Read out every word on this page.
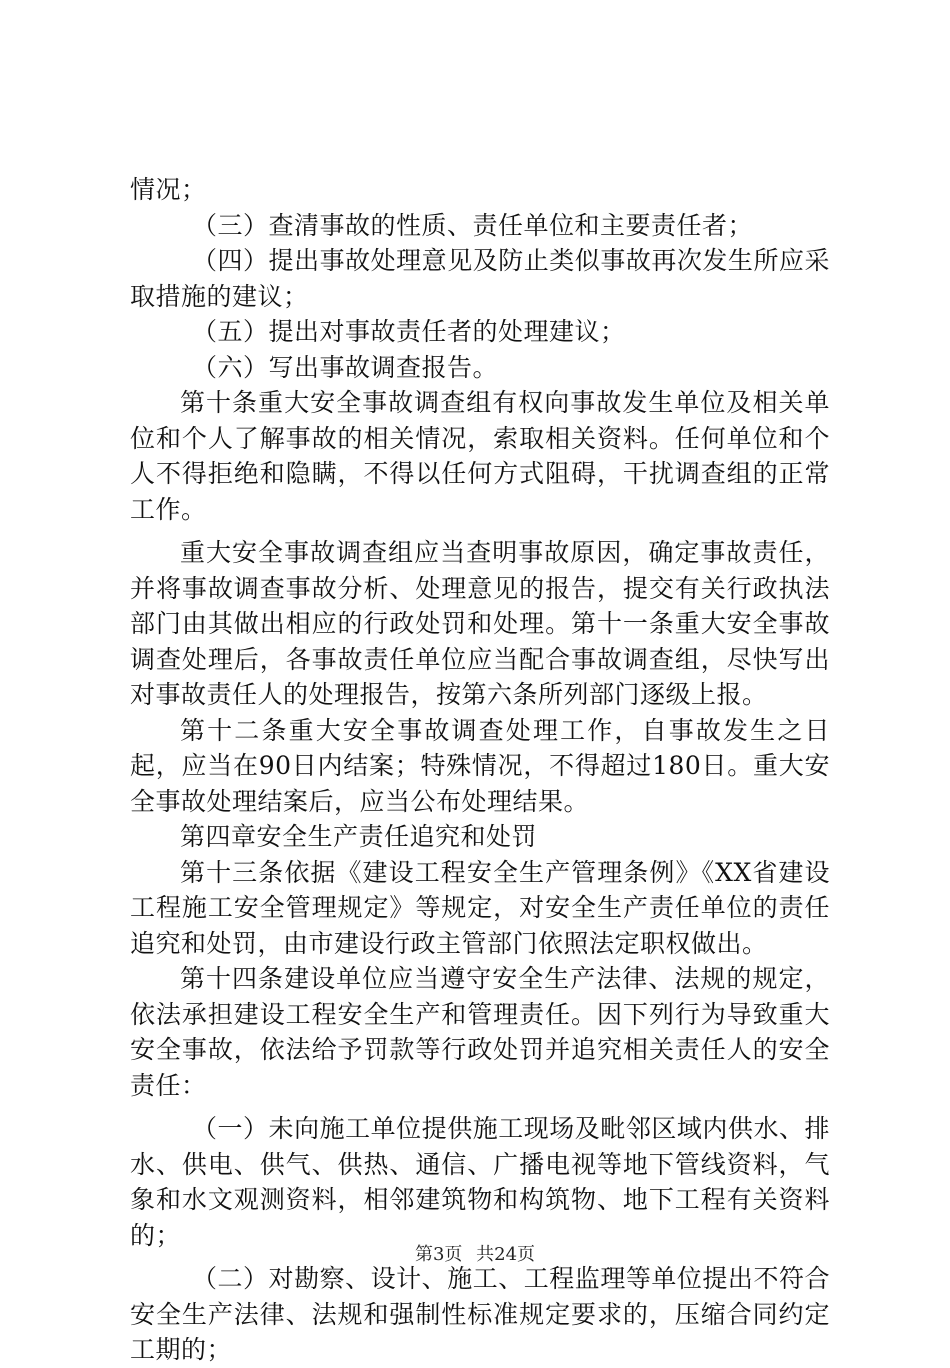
情况；

（三）查清事故的性质、责任单位和主要责任者；

（四）提出事故处理意见及防止类似事故再次发生所应采取措施的建议；

（五）提出对事故责任者的处理建议；

（六）写出事故调查报告。

第十条重大安全事故调查组有权向事故发生单位及相关单位和个人了解事故的相关情况，索取相关资料。任何单位和个人不得拒绝和隐瞒，不得以任何方式阻碍，干扰调查组的正常工作。

重大安全事故调查组应当查明事故原因，确定事故责任，并将事故调查事故分析、处理意见的报告，提交有关行政执法部门由其做出相应的行政处罚和处理。第十一条重大安全事故调查处理后，各事故责任单位应当配合事故调查组，尽快写出对事故责任人的处理报告，按第六条所列部门逐级上报。

第十二条重大安全事故调查处理工作，自事故发生之日起，应当在90日内结案；特殊情况，不得超过180日。重大安全事故处理结案后，应当公布处理结果。

第四章安全生产责任追究和处罚

第十三条依据《建设工程安全生产管理条例》《XX省建设工程施工安全管理规定》等规定，对安全生产责任单位的责任追究和处罚，由市建设行政主管部门依照法定职权做出。

第十四条建设单位应当遵守安全生产法律、法规的规定，依法承担建设工程安全生产和管理责任。因下列行为导致重大安全事故，依法给予罚款等行政处罚并追究相关责任人的安全责任：

（一）未向施工单位提供施工现场及毗邻区域内供水、排水、供电、供气、供热、通信、广播电视等地下管线资料，气象和水文观测资料，相邻建筑物和构筑物、地下工程有关资料的；

（二）对勘察、设计、施工、工程监理等单位提出不符合安全生产法律、法规和强制性标准规定要求的，压缩合同约定工期的；

第3页 共24页
